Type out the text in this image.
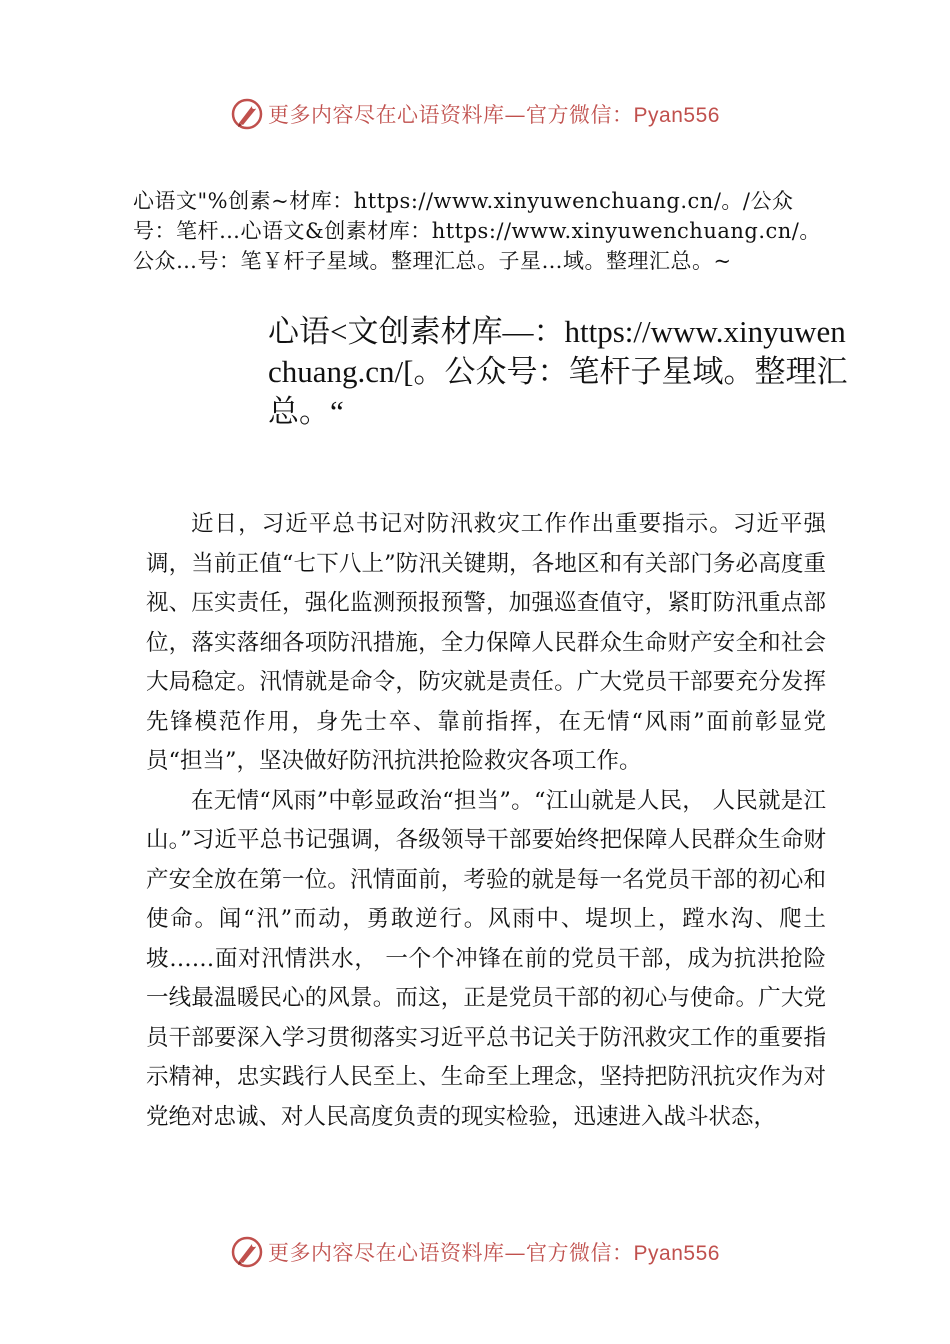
更多内容尽在心语资料库—官方微信：Pyan556
心语文"%创素~材库：https://www.xinyuwenchuang.cn/。/公众号：笔杆…心语文&创素材库：https://www.xinyuwenchuang.cn/。公众…号：笔￥杆子星域。整理汇总。子星…域。整理汇总。~
心语<文创素材库—：https://www.xinyuwenchuang.cn/[。公众号：笔杆子星域。整理汇总。“

近日，习近平总书记对防汛救灾工作作出重要指示。习近平强调，当前正值“七下八上”防汛关键期，各地区和有关部门务必高度重视、压实责任，强化监测预报预警，加强巡查值守，紧盯防汛重点部位，落实落细各项防汛措施，全力保障人民群众生命财产安全和社会大局稳定。汛情就是命令，防灾就是责任。广大党员干部要充分发挥先锋模范作用，身先士卒、靠前指挥，在无情“风雨”面前彰显党员“担当”，坚决做好防汛抗洪抢险救灾各项工作。

在无情“风雨”中彰显政治“担当”。“江山就是人民， 人民就是江山。”习近平总书记强调，各级领导干部要始终把保障人民群众生命财产安全放在第一位。汛情面前，考验的就是每一名党员干部的初心和使命。闻“汛”而动，勇敢逆行。风雨中、堤坝上，蹚水沟、爬土坡……面对汛情洪水， 一个个冲锋在前的党员干部，成为抗洪抢险一线最温暖民心的风景。而这，正是党员干部的初心与使命。广大党员干部要深入学习贯彻落实习近平总书记关于防汛救灾工作的重要指示精神，忠实践行人民至上、生命至上理念，坚持把防汛抗灾作为对党绝对忠诚、对人民高度负责的现实检验，迅速进入战斗状态，

更多内容尽在心语资料库—官方微信：Pyan556
